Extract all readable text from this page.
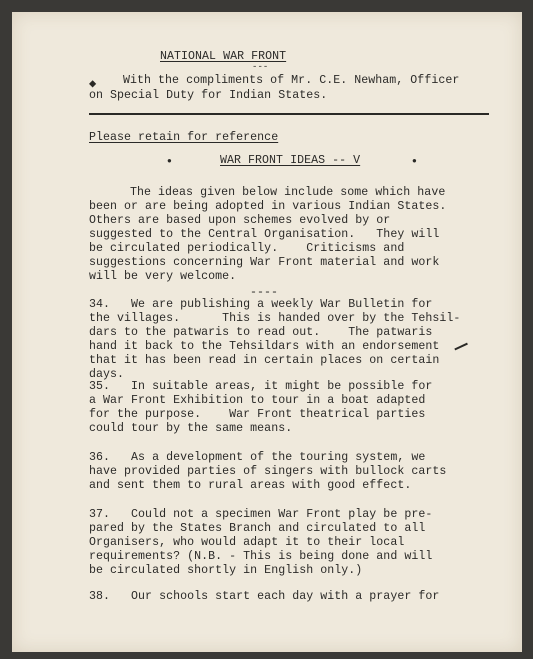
NATIONAL WAR FRONT
-‐-
◆ With the compliments of Mr. C.E. Newham, Officer
on Special Duty for Indian States.
Please retain for reference
●	WAR FRONT IDEAS -- V	●
The ideas given below include some which have
been or are being adopted in various Indian States.
Others are based upon schemes evolved by or
suggested to the Central Organisation.   They will
be circulated periodically.    Criticisms and
suggestions concerning War Front material and work
will be very welcome.
----
34.   We are publishing a weekly War Bulletin for
the villages.      This is handed over by the Tehsil-
dars to the patwaris to read out.    The patwaris
hand it back to the Tehsildars with an endorsement
that it has been read in certain places on certain
days.
35.   In suitable areas, it might be possible for
a War Front Exhibition to tour in a boat adapted
for the purpose.    War Front theatrical parties
could tour by the same means.
36.   As a development of the touring system, we
have provided parties of singers with bullock carts
and sent them to rural areas with good effect.
37.   Could not a specimen War Front play be pre-
pared by the States Branch and circulated to all
Organisers, who would adapt it to their local
requirements? (N.B. - This is being done and will
be circulated shortly in English only.)
38.   Our schools start each day with a prayer for
